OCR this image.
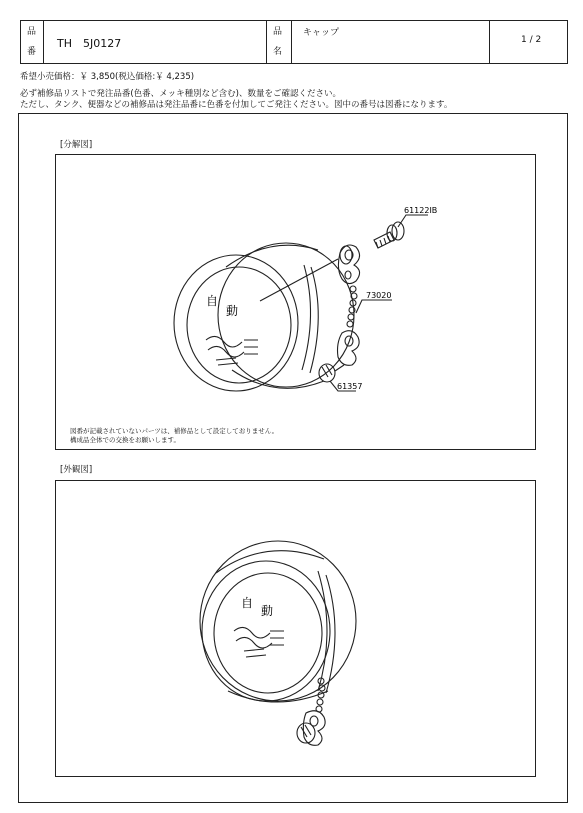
品
番
TH　5J0127
品
名
キャップ
1 / 2
希望小売価格：￥ 3,850(税込価格:￥ 4,235)
必ず補修品リストで発注品番(色番、メッキ種別など含む)、数量をご確認ください。
ただし、タンク、便器などの補修品は発注品番に色番を付加してご発注ください。図中の番号は図番になります。
[分解図]
61122IB
73020
61357
自
動
図番が記載されていないパーツは、補修品として設定しておりません。
構成品全体での交換をお願いします。
[外観図]
自
動
